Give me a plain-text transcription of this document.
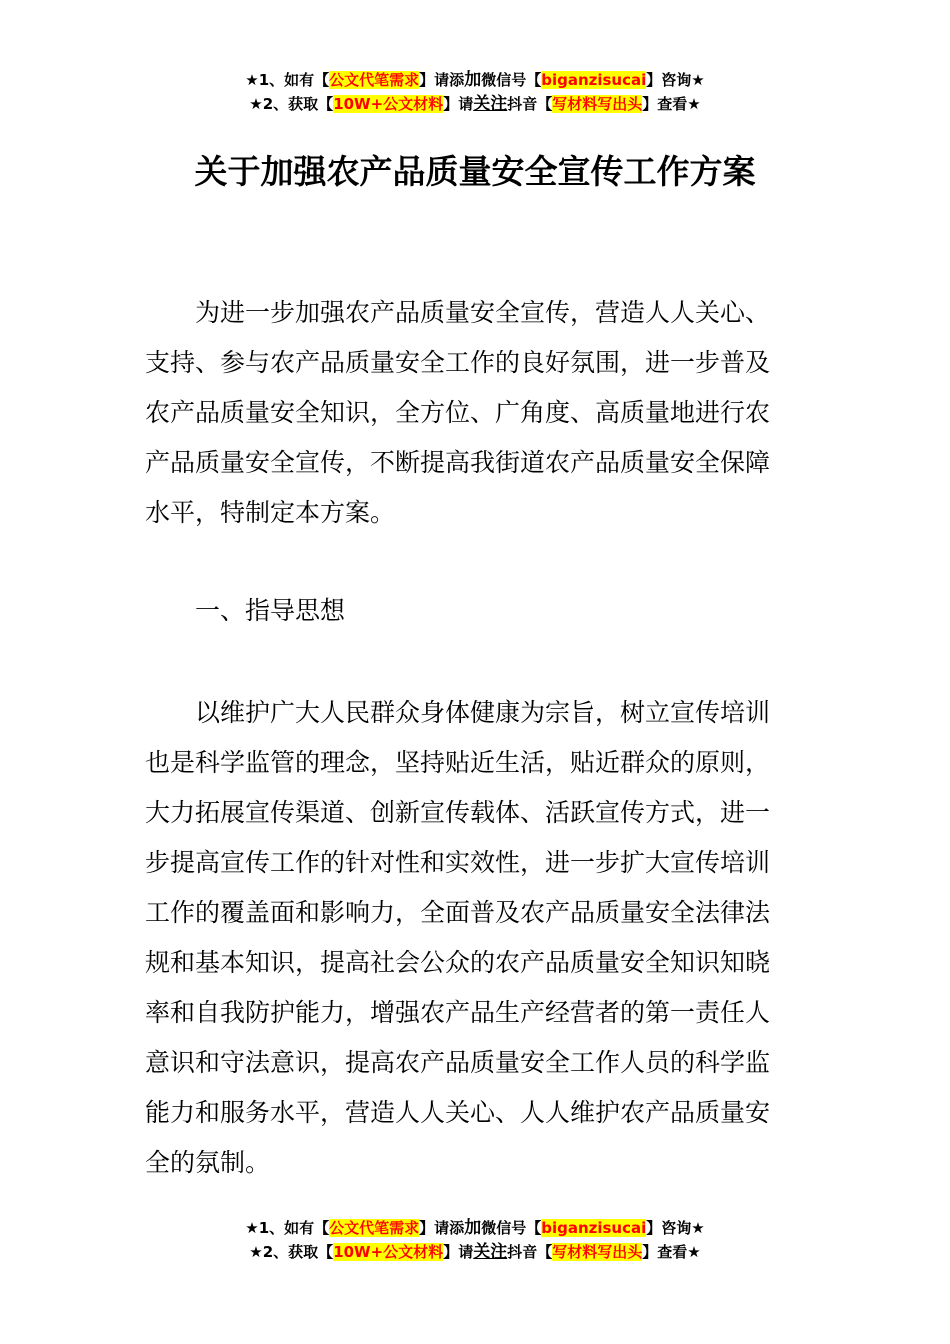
★1、如有【公文代笔需求】请添加微信号【biganzisucai】咨询★
★2、获取【10W+公文材料】请关注抖音【写材料写出头】查看★
关于加强农产品质量安全宣传工作方案
　　为进一步加强农产品质量安全宣传，营造人人关心、
支持、参与农产品质量安全工作的良好氛围，进一步普及
农产品质量安全知识，全方位、广角度、高质量地进行农
产品质量安全宣传，不断提高我街道农产品质量安全保障
水平，特制定本方案。
　　一、指导思想
　　以维护广大人民群众身体健康为宗旨，树立宣传培训
也是科学监管的理念，坚持贴近生活，贴近群众的原则，
大力拓展宣传渠道、创新宣传载体、活跃宣传方式，进一
步提高宣传工作的针对性和实效性，进一步扩大宣传培训
工作的覆盖面和影响力，全面普及农产品质量安全法律法
规和基本知识，提高社会公众的农产品质量安全知识知晓
率和自我防护能力，增强农产品生产经营者的第一责任人
意识和守法意识，提高农产品质量安全工作人员的科学监
能力和服务水平，营造人人关心、人人维护农产品质量安
全的氛制。
★1、如有【公文代笔需求】请添加微信号【biganzisucai】咨询★
★2、获取【10W+公文材料】请关注抖音【写材料写出头】查看★
